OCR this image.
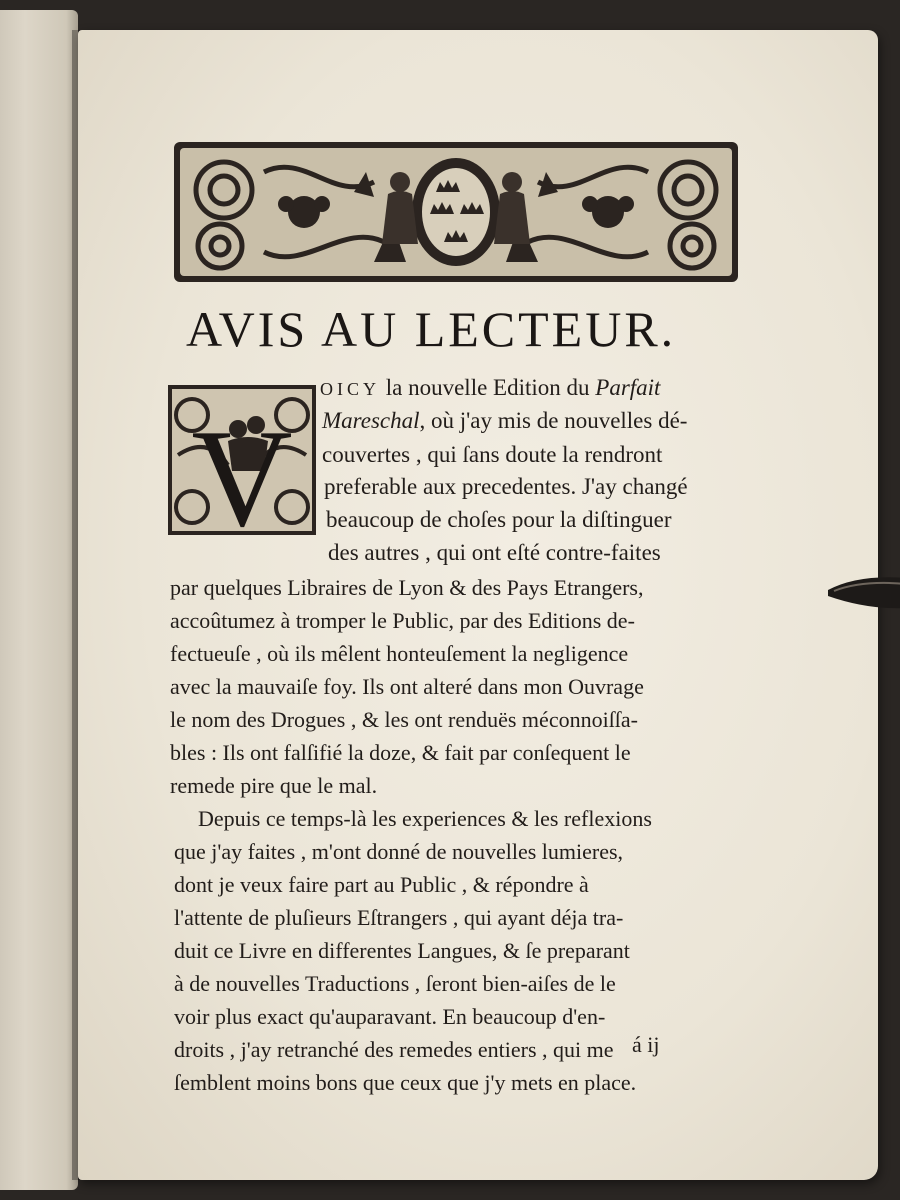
AVIS AU LECTEUR.
V
OICY la nouvelle Edition du Parfait
Mareschal, où j'ay mis de nouvelles dé-
couvertes , qui ſans doute la rendront
preferable aux precedentes. J'ay changé
beaucoup de choſes pour la diſtinguer
des autres , qui ont eſté contre-faites
par quelques Libraires de Lyon & des Pays Etrangers,
accoûtumez à tromper le Public, par des Editions de-
fectueuſe , où ils mêlent honteuſement la negligence
avec la mauvaiſe foy. Ils ont alteré dans mon Ouvrage
le nom des Drogues , & les ont renduës méconnoiſſa-
bles : Ils ont falſifié la doze, & fait par conſequent le
remede pire que le mal.
Depuis ce temps-là les experiences & les reflexions
que j'ay faites , m'ont donné de nouvelles lumieres,
dont je veux faire part au Public , & répondre à
l'attente de pluſieurs Eſtrangers , qui ayant déja tra-
duit ce Livre en differentes Langues, & ſe preparant
à de nouvelles Traductions , ſeront bien-aiſes de le
voir plus exact qu'auparavant. En beaucoup d'en-
droits , j'ay retranché des remedes entiers , qui me
ſemblent moins bons que ceux que j'y mets en place.
á ij
